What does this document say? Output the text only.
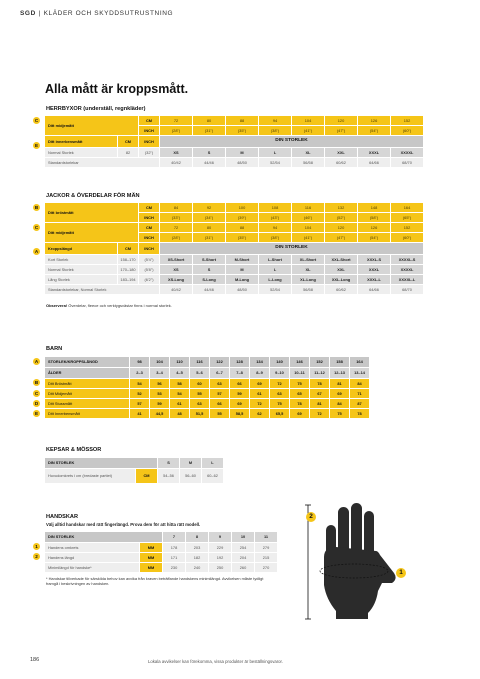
SGD | KLÄDER OCH SKYDDSUTRUSTNING
Alla mått är kroppsmått.
HERRBYXOR (underställ, regnkläder)
C
E
Ditt midjemått		CM	72	80	88	94	104	120	126	152
		INCH	(28")	(31")	(35")	(38")	(41")	(47")	(54")	(60")
Ditt innerbensmått	CM	INCH	DIN STORLEK							
Normal Storlek	82	(32")	XS	S	M	L	XL	XXL	XXXL	XXXXL
Standardstorlekar			40/42	44/46	48/50	52/54	56/58	60/62	64/66	68/70
JACKOR & ÖVERDELAR FÖR MÄN
B
C
A
Ditt bröstmått		CM	84	92	100	108	116	132	148	164
		INCH	(33")	(34")	(39")	(43")	(46")	(52")	(58")	(65")
Ditt midjemått		CM	72	80	88	94	104	120	126	152
		INCH	(28")	(31")	(35")	(38")	(41")	(47")	(54")	(60")
Kroppslängd	CM	INCH	DIN STORLEK							
Kort Storlek	158–170	(5'4")	XS-Short	S-Short	M-Short	L-Short	XL-Short	XXL-Short	XXXL-S	XXXXL-S
Normal Storlek	170–180	(5'8")	XS	S	M	L	XL	XXL	XXXL	XXXXL
Lång Storlek	183–194	(6'2")	XS-Long	S-Long	M-Long	L-Long	XL-Long	XXL-Long	XXXL-L	XXXXL-L
Standardstorlekar, Normal Storlek			40/42	44/46	48/50	52/54	56/58	60/62	64/66	68/70
Observera! Överdelar, fleece och verktygsvästar finns i normal storlek.
BARN
A
B
C
D
E
STORLEK/KROPPSLÄNGD	98	104	110	116	122	128	134	140	146	152	158	164
ÅLDER	2–3	3–4	4–5	5–6	6–7	7–8	8–9	9–10	10–11	11–12	12–13	13–14
Ditt Bröstmått	54	56	58	60	63	66	69	72	75	78	81	84
Ditt Midjemått	52	53	54	55	57	59	61	63	65	67	69	71
Ditt Stussmått	57	59	61	63	66	69	72	75	78	81	84	87
Ditt Innerbensmått	41	44,5	48	51,5	55	58,5	62	65,5	69	72	75	78
KEPSAR & MÖSSOR
DIN STORLEK		S	M	L
Huvudomkrets i cm (bredaste partiet)	CM	54–56	56–60	60–62
HANDSKAR
Välj alltid handskar med rätt fingerlängd. Prova dem för att hitta rätt modell.
1
2
DIN STORLEK		7	8	9	10	11
Handens omkrets	MM	178	203	229	254	279
Handens längd	MM	171	182	192	204	215
Minimilängd för handske*	MM	230	240	250	260	270
* Handskar tillverkade för särskilda behov kan avvika från kraven beträffande handskens minimilängd. Avvikelsen måste tydligt framgå i beskrivningen av handsken.
2
1
186	Lokala avvikelser kan förekomma, vissa produkter är beställningsvaror.
